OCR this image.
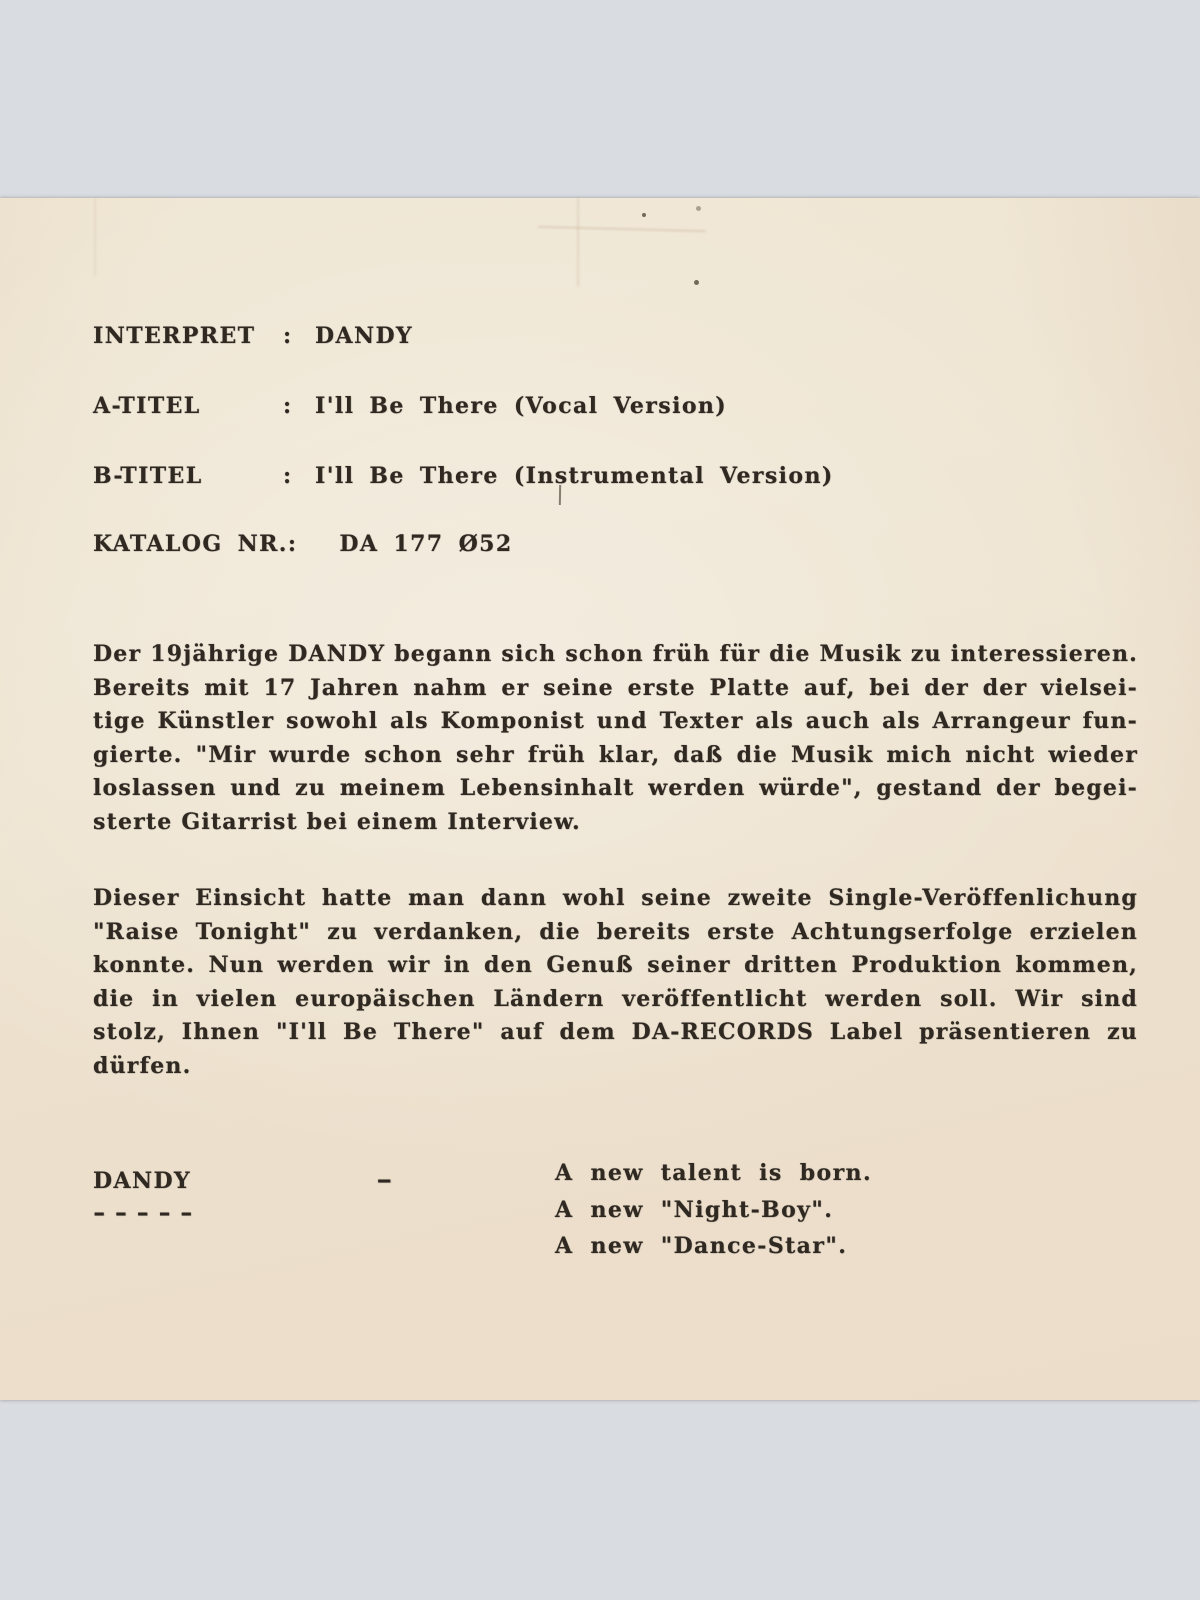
INTERPRET	: DANDY
A-TITEL	: I'll Be There (Vocal Version)
B-TITEL	: I'll Be There (Instrumental Version)
KATALOG NR.:	DA 177 Ø52
Der 19jährige DANDY begann sich schon früh für die Musik zu interessieren.
Bereits mit 17 Jahren nahm er seine erste Platte auf, bei der der vielsei-
tige Künstler sowohl als Komponist und Texter als auch als Arrangeur fun-
gierte. "Mir wurde schon sehr früh klar, daß die Musik mich nicht wieder
loslassen und zu meinem Lebensinhalt werden würde", gestand der begei-
sterte Gitarrist bei einem Interview.
Dieser Einsicht hatte man dann wohl seine zweite Single-Veröffenlichung
"Raise Tonight" zu verdanken, die bereits erste Achtungserfolge erzielen
konnte. Nun werden wir in den Genuß seiner dritten Produktion kommen,
die in vielen europäischen Ländern veröffentlicht werden soll. Wir sind
stolz, Ihnen "I'll Be There" auf dem DA-RECORDS Label präsentieren zu
dürfen.
DANDY
-----
-	A new talent is born.
A new "Night-Boy".
A new "Dance-Star".
